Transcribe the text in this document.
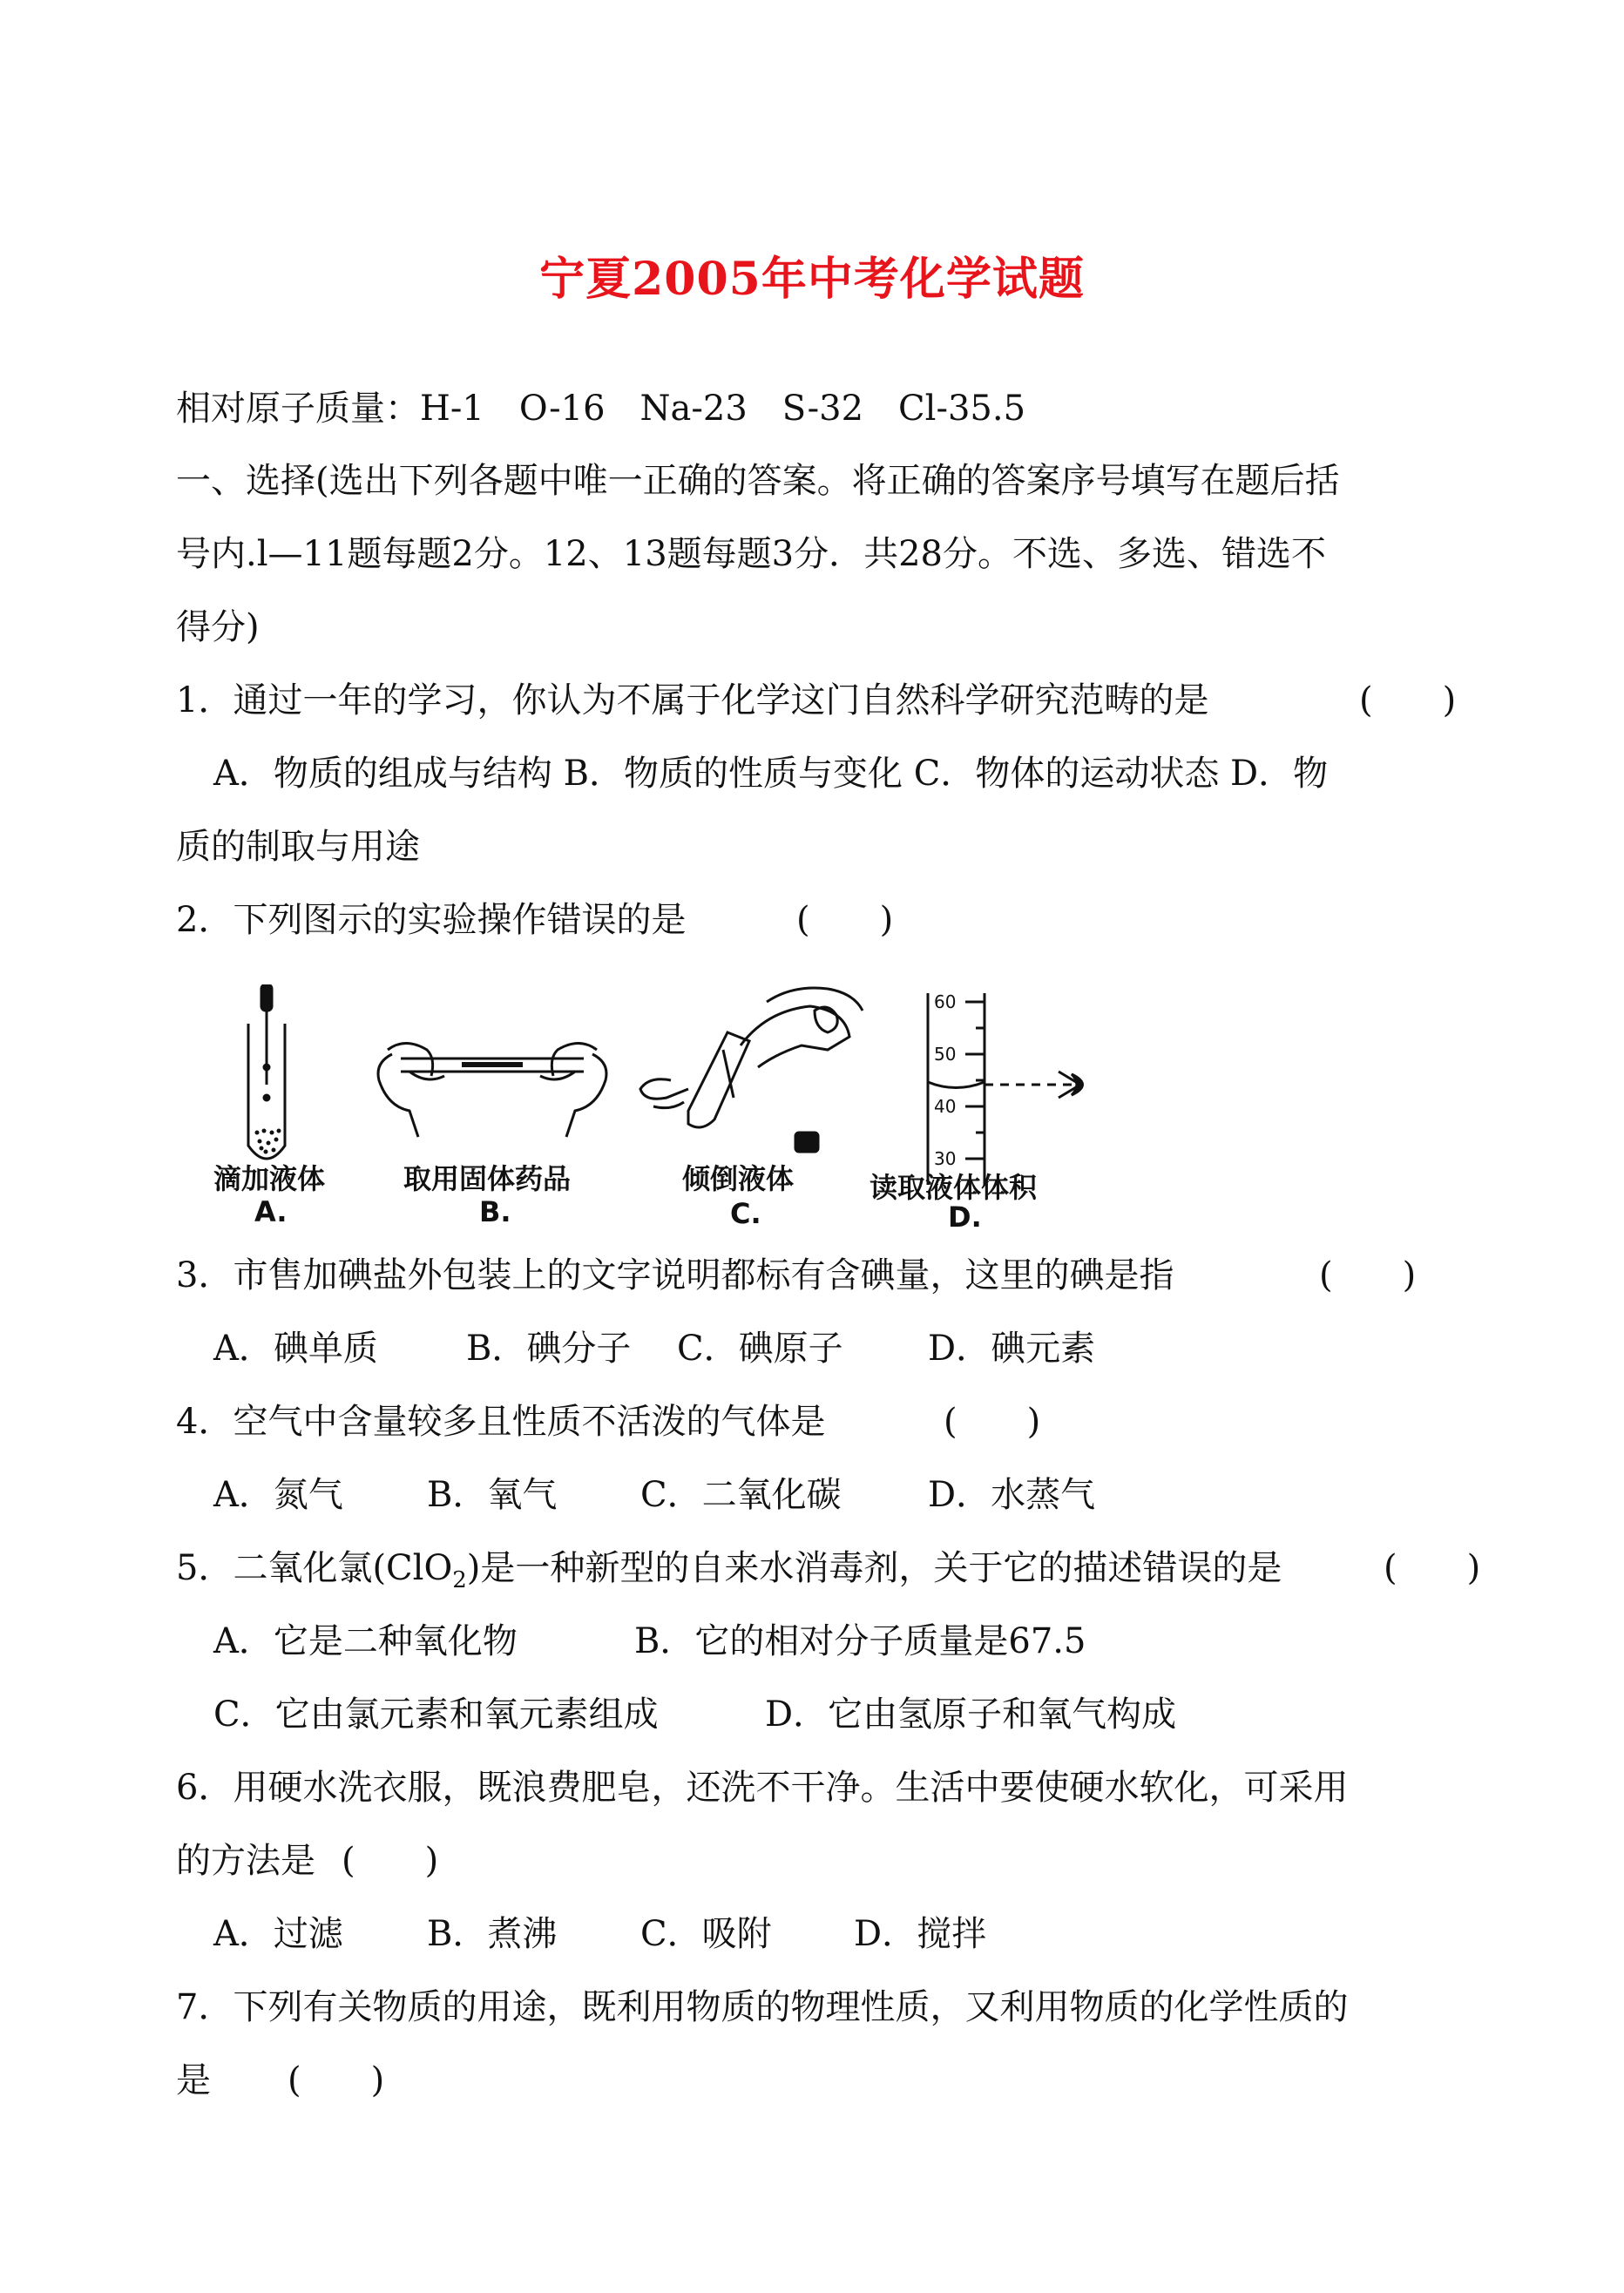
宁夏2005年中考化学试题
相对原子质量：H-1　O-16　Na-23　S-32　Cl-35.5
一、选择(选出下列各题中唯一正确的答案。将正确的答案序号填写在题后括
号内.l—11题每题2分。12、13题每题3分．共28分。不选、多选、错选不
得分)
1．通过一年的学习，你认为不属于化学这门自然科学研究范畴的是	(　　)
A．物质的组成与结构 B．物质的性质与变化 C．物体的运动状态 D．物
质的制取与用途
2．下列图示的实验操作错误的是	(　　)
60
50
40
30
滴加液体	取用固体药品	倾倒液体	读取液体体积
A.	B.	C.	D.
3．市售加碘盐外包装上的文字说明都标有含碘量，这里的碘是指	(　　)
A．碘单质	B．碘分子 C．碘原子 D．碘元素
4．空气中含量较多且性质不活泼的气体是	(　　)
A．氮气 B．氧气 C．二氧化碳 D．水蒸气
5．二氧化氯(ClO$_2$)是一种新型的自来水消毒剂，关于它的描述错误的是	(　　)
A．它是二种氧化物	B．它的相对分子质量是67.5
C．它由氯元素和氧元素组成	D．它由氢原子和氧气构成
6．用硬水洗衣服，既浪费肥皂，还洗不干净。生活中要使硬水软化，可采用
的方法是 (　　)
A．过滤 B．煮沸 C．吸附 D．搅拌
7．下列有关物质的用途，既利用物质的物理性质，又利用物质的化学性质的
是 (　　)
